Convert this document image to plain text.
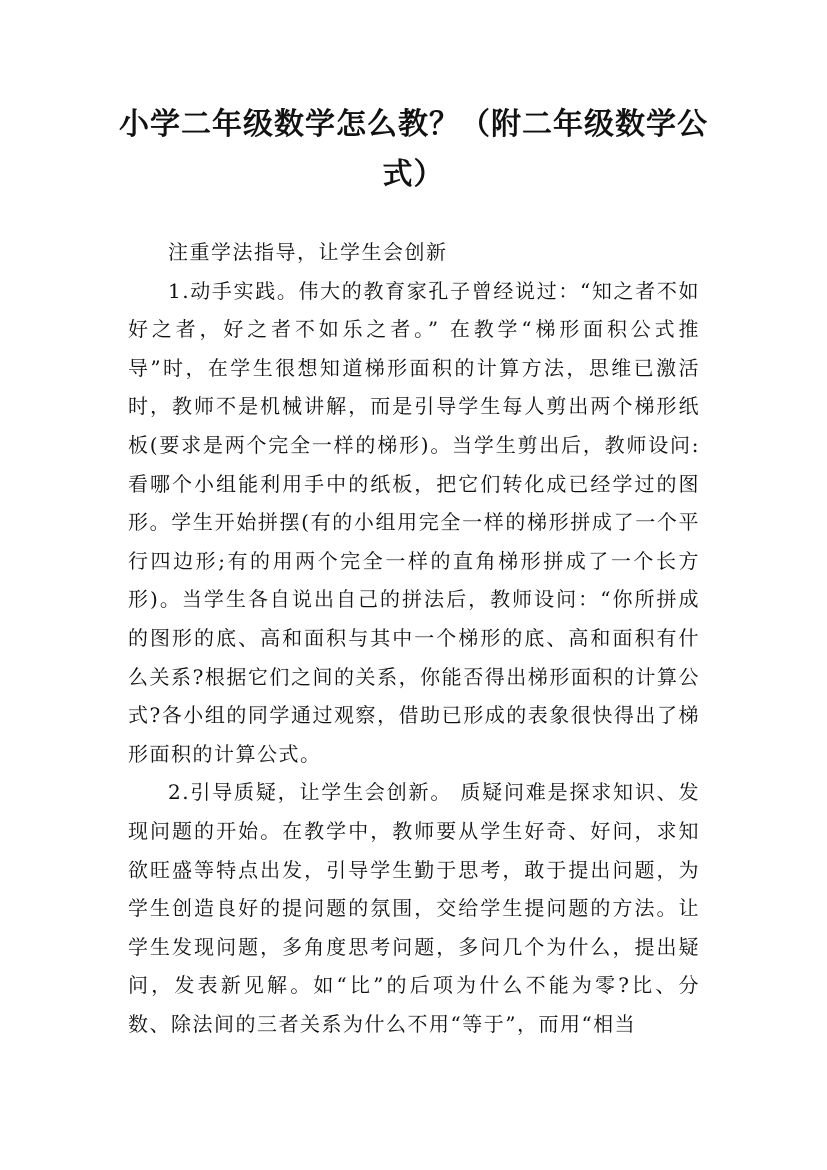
小学二年级数学怎么教？（附二年级数学公式）

注重学法指导，让学生会创新

1.动手实践。伟大的教育家孔子曾经说过：“知之者不如好之者，好之者不如乐之者。” 在教学“梯形面积公式推导”时，在学生很想知道梯形面积的计算方法，思维已激活时，教师不是机械讲解，而是引导学生每人剪出两个梯形纸板(要求是两个完全一样的梯形)。当学生剪出后，教师设问:看哪个小组能利用手中的纸板，把它们转化成已经学过的图形。学生开始拼摆(有的小组用完全一样的梯形拼成了一个平行四边形;有的用两个完全一样的直角梯形拼成了一个长方形)。当学生各自说出自己的拼法后，教师设问：“你所拼成的图形的底、高和面积与其中一个梯形的底、高和面积有什么关系?根据它们之间的关系，你能否得出梯形面积的计算公式?各小组的同学通过观察，借助已形成的表象很快得出了梯形面积的计算公式。

2.引导质疑，让学生会创新。 质疑问难是探求知识、发现问题的开始。在教学中，教师要从学生好奇、好问，求知欲旺盛等特点出发，引导学生勤于思考，敢于提出问题，为学生创造良好的提问题的氛围，交给学生提问题的方法。让学生发现问题，多角度思考问题，多问几个为什么，提出疑问，发表新见解。如“比”的后项为什么不能为零?比、分数、除法间的三者关系为什么不用“等于”，而用“相当
